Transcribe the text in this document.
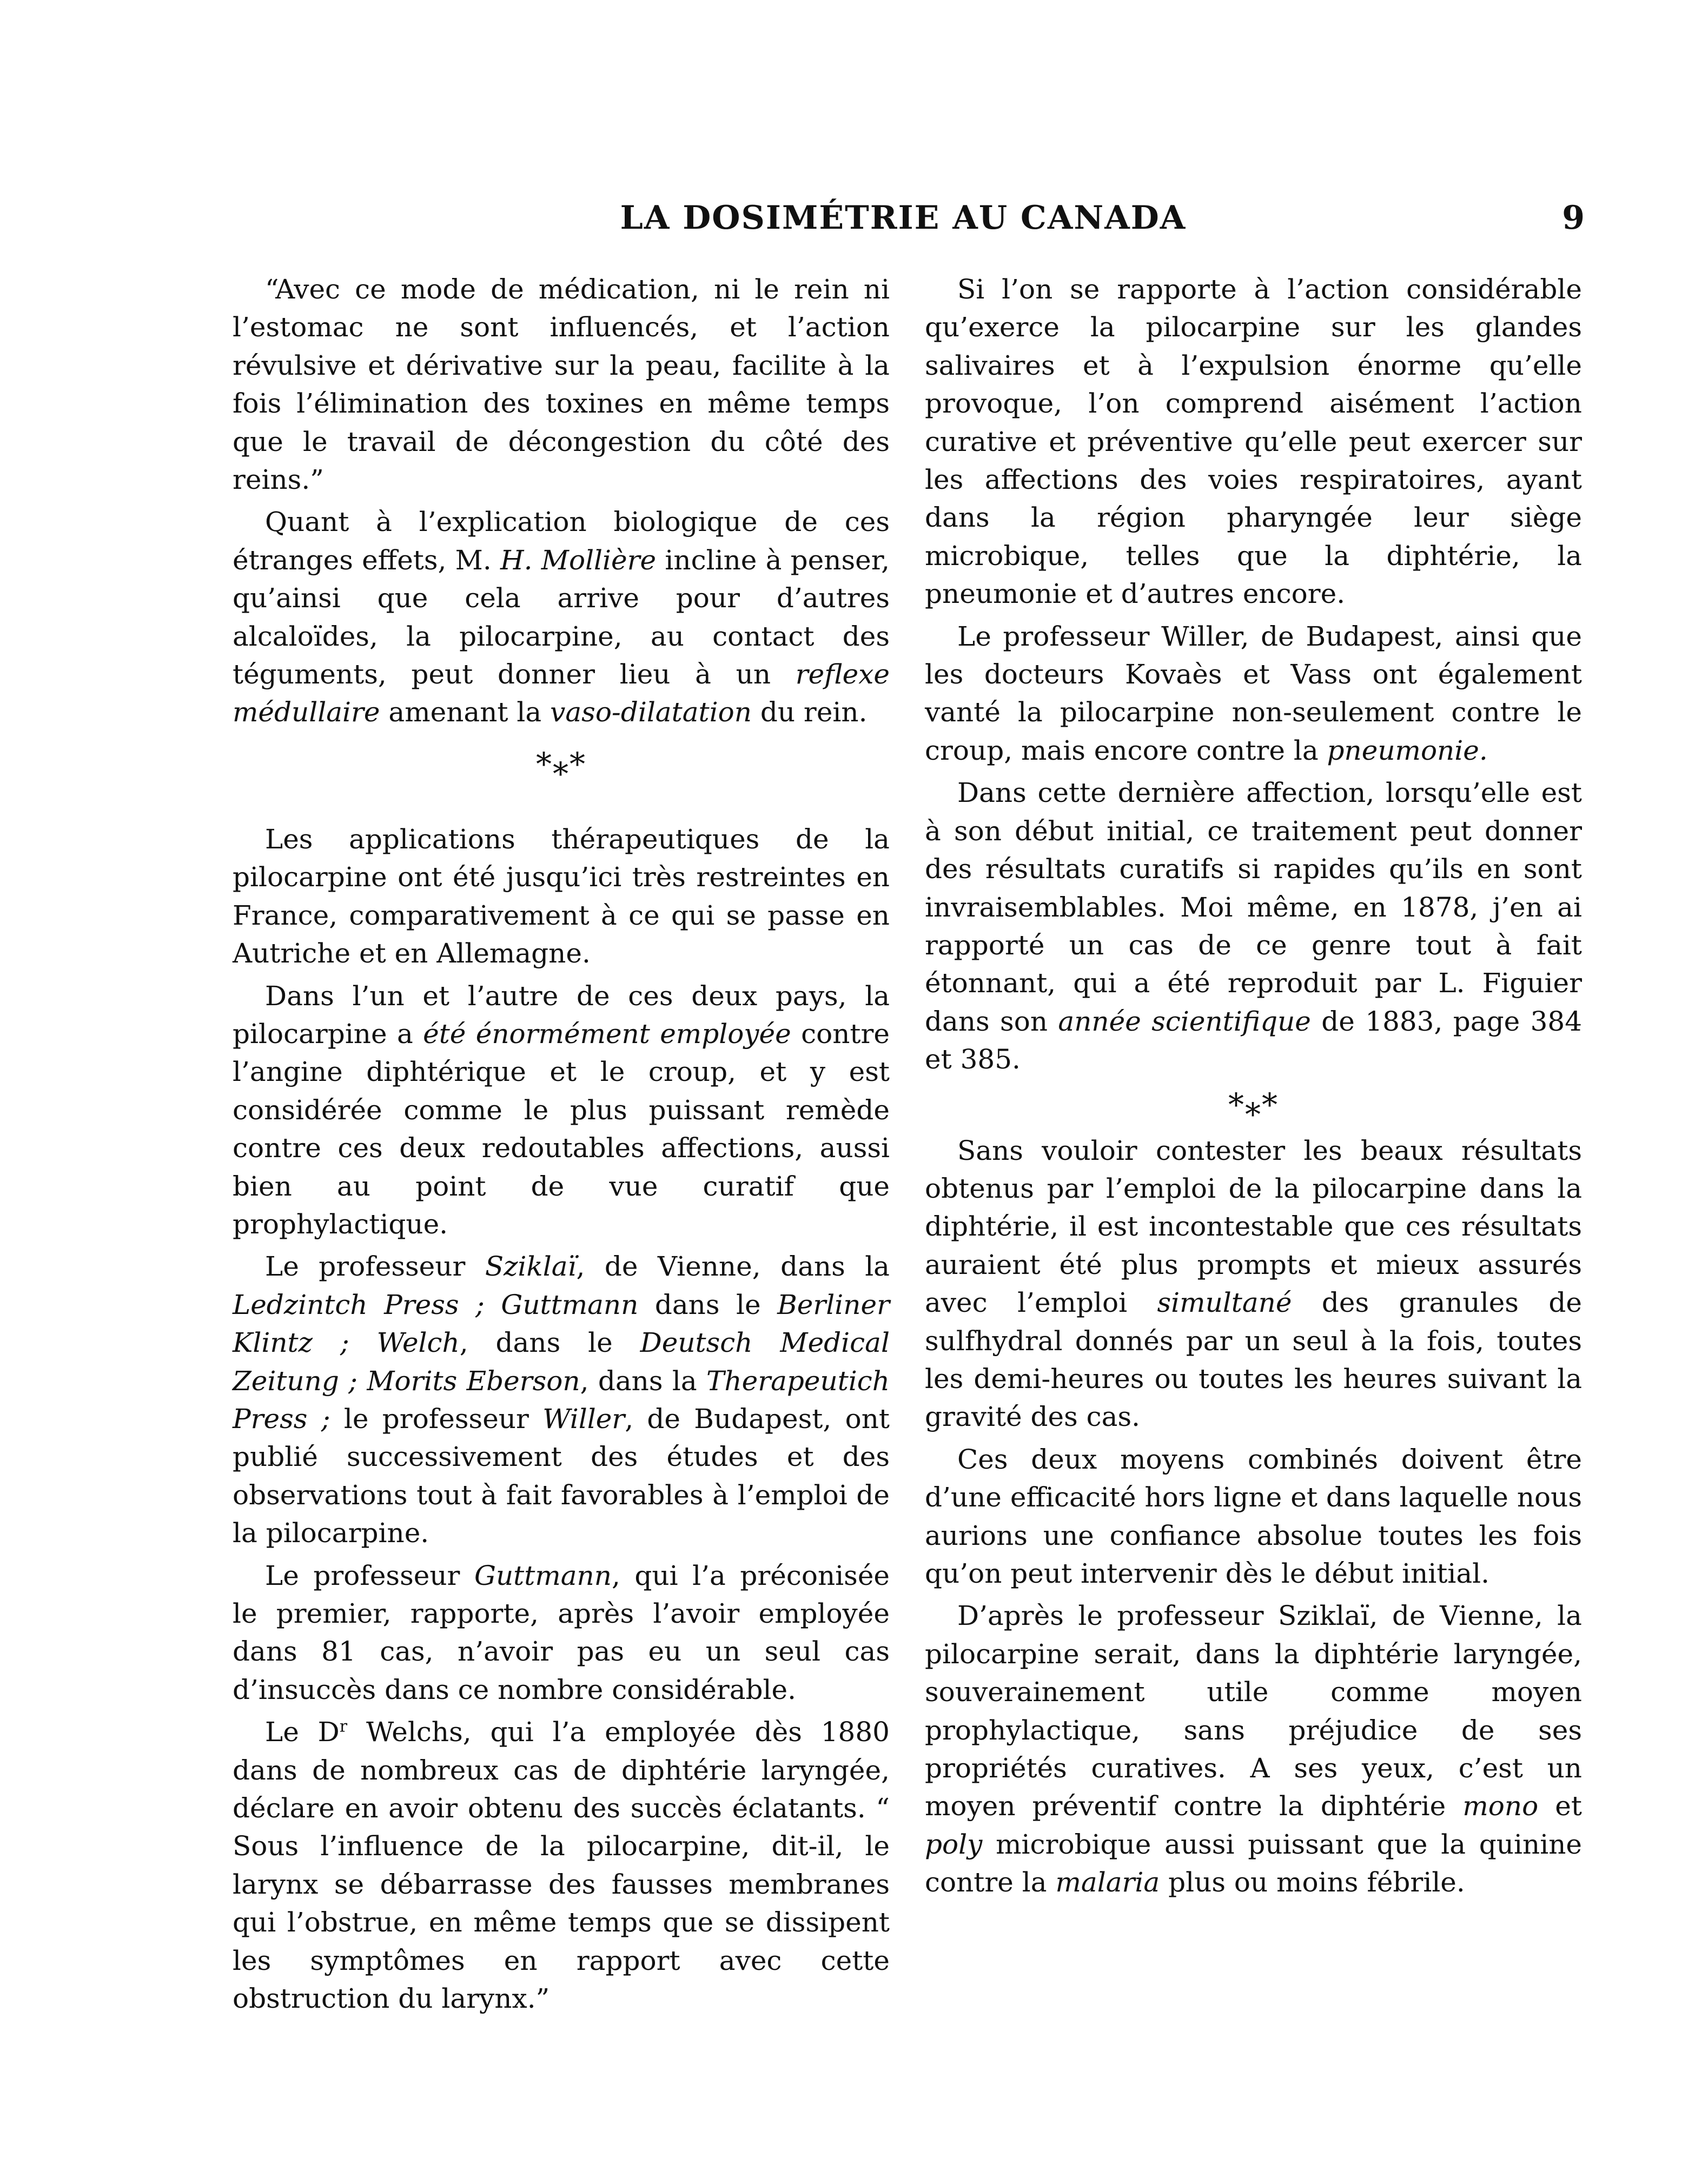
LA DOSIMÉTRIE AU CANADA	9

“Avec ce mode de médication, ni le rein ni l’estomac ne sont influencés, et l’action révulsive et dérivative sur la peau, facilite à la fois l’élimination des toxines en même temps que le travail de décongestion du côté des reins.”

Quant à l’explication biologique de ces étranges effets, M. H. Mollière incline à penser, qu’ainsi que cela arrive pour d’autres alcaloïdes, la pilocarpine, au contact des téguments, peut donner lieu à un reflexe médullaire amenant la vaso-dilatation du rein.

*⁎*

Les applications thérapeutiques de la pilocarpine ont été jusqu’ici très restreintes en France, comparativement à ce qui se passe en Autriche et en Allemagne.

Dans l’un et l’autre de ces deux pays, la pilocarpine a été énormément employée contre l’angine diphtérique et le croup, et y est considérée comme le plus puissant remède contre ces deux redoutables affections, aussi bien au point de vue curatif que prophylactique.

Le professeur Sziklaï, de Vienne, dans la Ledzintch Press ; Guttmann dans le Berliner Klintz ; Welch, dans le Deutsch Medical Zeitung ; Morits Eberson, dans la Therapeutich Press ; le professeur Willer, de Budapest, ont publié successivement des études et des observations tout à fait favorables à l’emploi de la pilocarpine.

Le professeur Guttmann, qui l’a préconisée le premier, rapporte, après l’avoir employée dans 81 cas, n’avoir pas eu un seul cas d’insuccès dans ce nombre considérable.

Le $D^r$ Welchs, qui l’a employée dès 1880 dans de nombreux cas de diphtérie laryngée, déclare en avoir obtenu des succès éclatants. “ Sous l’influence de la pilocarpine, dit-il, le larynx se débarrasse des fausses membranes qui l’obstrue, en même temps que se dissipent les symptômes en rapport avec cette obstruction du larynx.”

Si l’on se rapporte à l’action considérable qu’exerce la pilocarpine sur les glandes salivaires et à l’expulsion énorme qu’elle provoque, l’on comprend aisément l’action curative et préventive qu’elle peut exercer sur les affections des voies respiratoires, ayant dans la région pharyngée leur siège microbique, telles que la diphtérie, la pneumonie et d’autres encore.

Le professeur Willer, de Budapest, ainsi que les docteurs Kovaès et Vass ont également vanté la pilocarpine non-seulement contre le croup, mais encore contre la pneumonie.

Dans cette dernière affection, lorsqu’elle est à son début initial, ce traitement peut donner des résultats curatifs si rapides qu’ils en sont invraisemblables. Moi même, en 1878, j’en ai rapporté un cas de ce genre tout à fait étonnant, qui a été reproduit par L. Figuier dans son année scientifique de 1883, page 384 et 385.

*⁎*

Sans vouloir contester les beaux résultats obtenus par l’emploi de la pilocarpine dans la diphtérie, il est incontestable que ces résultats auraient été plus prompts et mieux assurés avec l’emploi simultané des granules de sulfhydral donnés par un seul à la fois, toutes les demi-heures ou toutes les heures suivant la gravité des cas.

Ces deux moyens combinés doivent être d’une efficacité hors ligne et dans laquelle nous aurions une confiance absolue toutes les fois qu’on peut intervenir dès le début initial.

D’après le professeur Sziklaï, de Vienne, la pilocarpine serait, dans la diphtérie laryngée, souverainement utile comme moyen prophylactique, sans préjudice de ses propriétés curatives. A ses yeux, c’est un moyen préventif contre la diphtérie mono et poly microbique aussi puissant que la quinine contre la malaria plus ou moins fébrile.
